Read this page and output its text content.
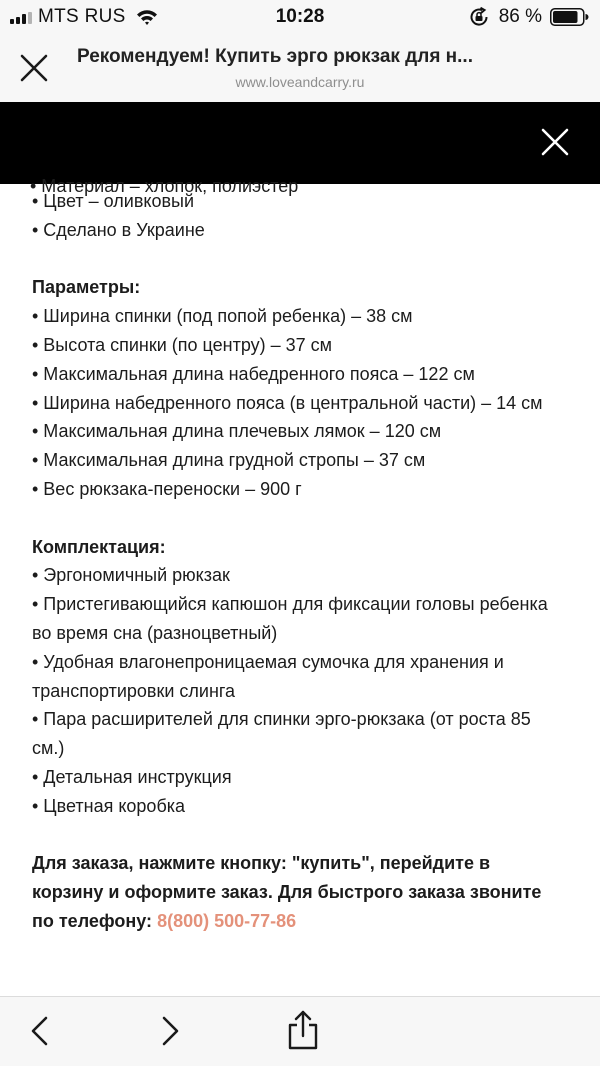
MTS RUS	10:28	86 %
Рекомендуем! Купить эрго рюкзак для н...
www.loveandcarry.ru
• Материал – хлопок, полиэстер
• Цвет – оливковый
• Сделано в Украине
Параметры:
• Ширина спинки (под попой ребенка) – 38 см
• Высота спинки (по центру) – 37 см
• Максимальная длина набедренного пояса – 122 см
• Ширина набедренного пояса (в центральной части) – 14 см
• Максимальная длина плечевых лямок – 120 см
• Максимальная длина грудной стропы – 37 см
• Вес рюкзака-переноски – 900 г
Комплектация:
• Эргономичный рюкзак
• Пристегивающийся капюшон для фиксации головы ребенка во время сна (разноцветный)
• Удобная влагонепроницаемая сумочка для хранения и транспортировки слинга
• Пара расширителей для спинки эрго-рюкзака (от роста 85 см.)
• Детальная инструкция
• Цветная коробка

Для заказа, нажмите кнопку: "купить", перейдите в корзину и оформите заказ. Для быстрого заказа звоните по телефону: 8(800) 500-77-86
